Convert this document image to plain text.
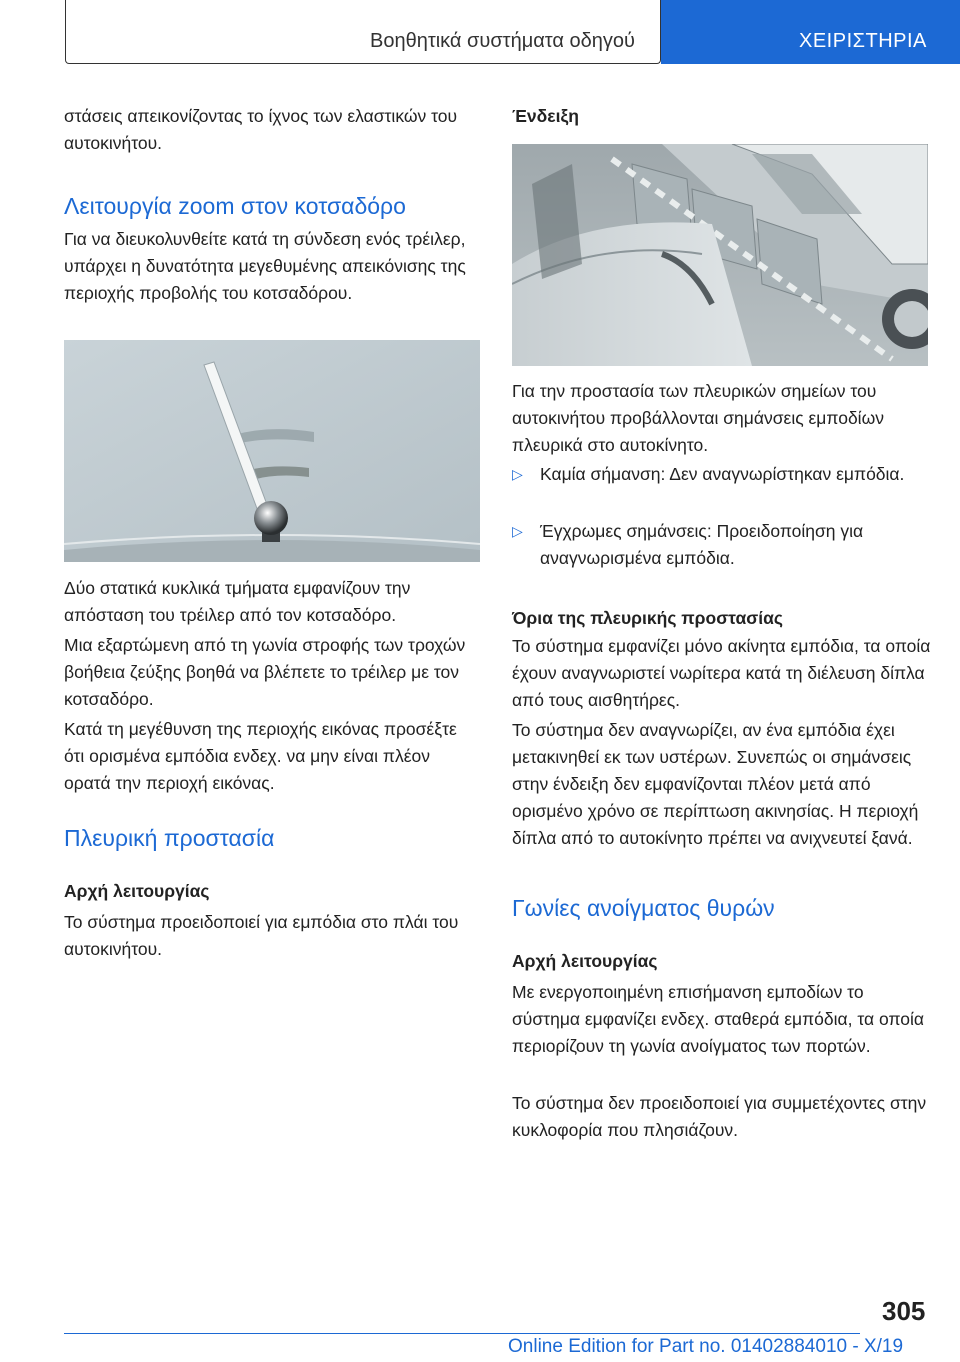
Βοηθητικά συστήματα οδηγού	ΧΕΙΡΙΣΤΗΡΙΑ

στάσεις απεικονίζοντας το ίχνος των ελαστικών του αυτοκινήτου.

Λειτουργία zoom στον κοτσαδόρο

Για να διευκολυνθείτε κατά τη σύνδεση ενός τρέιλερ, υπάρχει η δυνατότητα μεγεθυμένης απεικόνισης της περιοχής προβολής του κοτσαδόρου.

Δύο στατικά κυκλικά τμήματα εμφανίζουν την απόσταση του τρέιλερ από τον κοτσαδόρο.

Μια εξαρτώμενη από τη γωνία στροφής των τροχών βοήθεια ζεύξης βοηθά να βλέπετε το τρέιλερ με τον κοτσαδόρο.

Κατά τη μεγέθυνση της περιοχής εικόνας προσέξτε ότι ορισμένα εμπόδια ενδεχ. να μην είναι πλέον ορατά την περιοχή εικόνας.

Πλευρική προστασία
Αρχή λειτουργίας

Το σύστημα προειδοποιεί για εμπόδια στο πλάι του αυτοκινήτου.

Ένδειξη

Για την προστασία των πλευρικών σημείων του αυτοκινήτου προβάλλονται σημάνσεις εμποδίων πλευρικά στο αυτοκίνητο.

▷ Καμία σήμανση: Δεν αναγνωρίστηκαν εμπόδια.
▷ Έγχρωμες σημάνσεις: Προειδοποίηση για αναγνωρισμένα εμπόδια.
Όρια της πλευρικής προστασίας

Το σύστημα εμφανίζει μόνο ακίνητα εμπόδια, τα οποία έχουν αναγνωριστεί νωρίτερα κατά τη διέλευση δίπλα από τους αισθητήρες.

Το σύστημα δεν αναγνωρίζει, αν ένα εμπόδια έχει μετακινηθεί εκ των υστέρων. Συνεπώς οι σημάνσεις στην ένδειξη δεν εμφανίζονται πλέον μετά από ορισμένο χρόνο σε περίπτωση ακινησίας. Η περιοχή δίπλα από το αυτοκίνητο πρέπει να ανιχνευτεί ξανά.

Γωνίες ανοίγματος θυρών
Αρχή λειτουργίας

Με ενεργοποιημένη επισήμανση εμποδίων το σύστημα εμφανίζει ενδεχ. σταθερά εμπόδια, τα οποία περιορίζουν τη γωνία ανοίγματος των πορτών.

Το σύστημα δεν προειδοποιεί για συμμετέχοντες στην κυκλοφορία που πλησιάζουν.

305
Online Edition for Part no. 01402884010 - X/19
